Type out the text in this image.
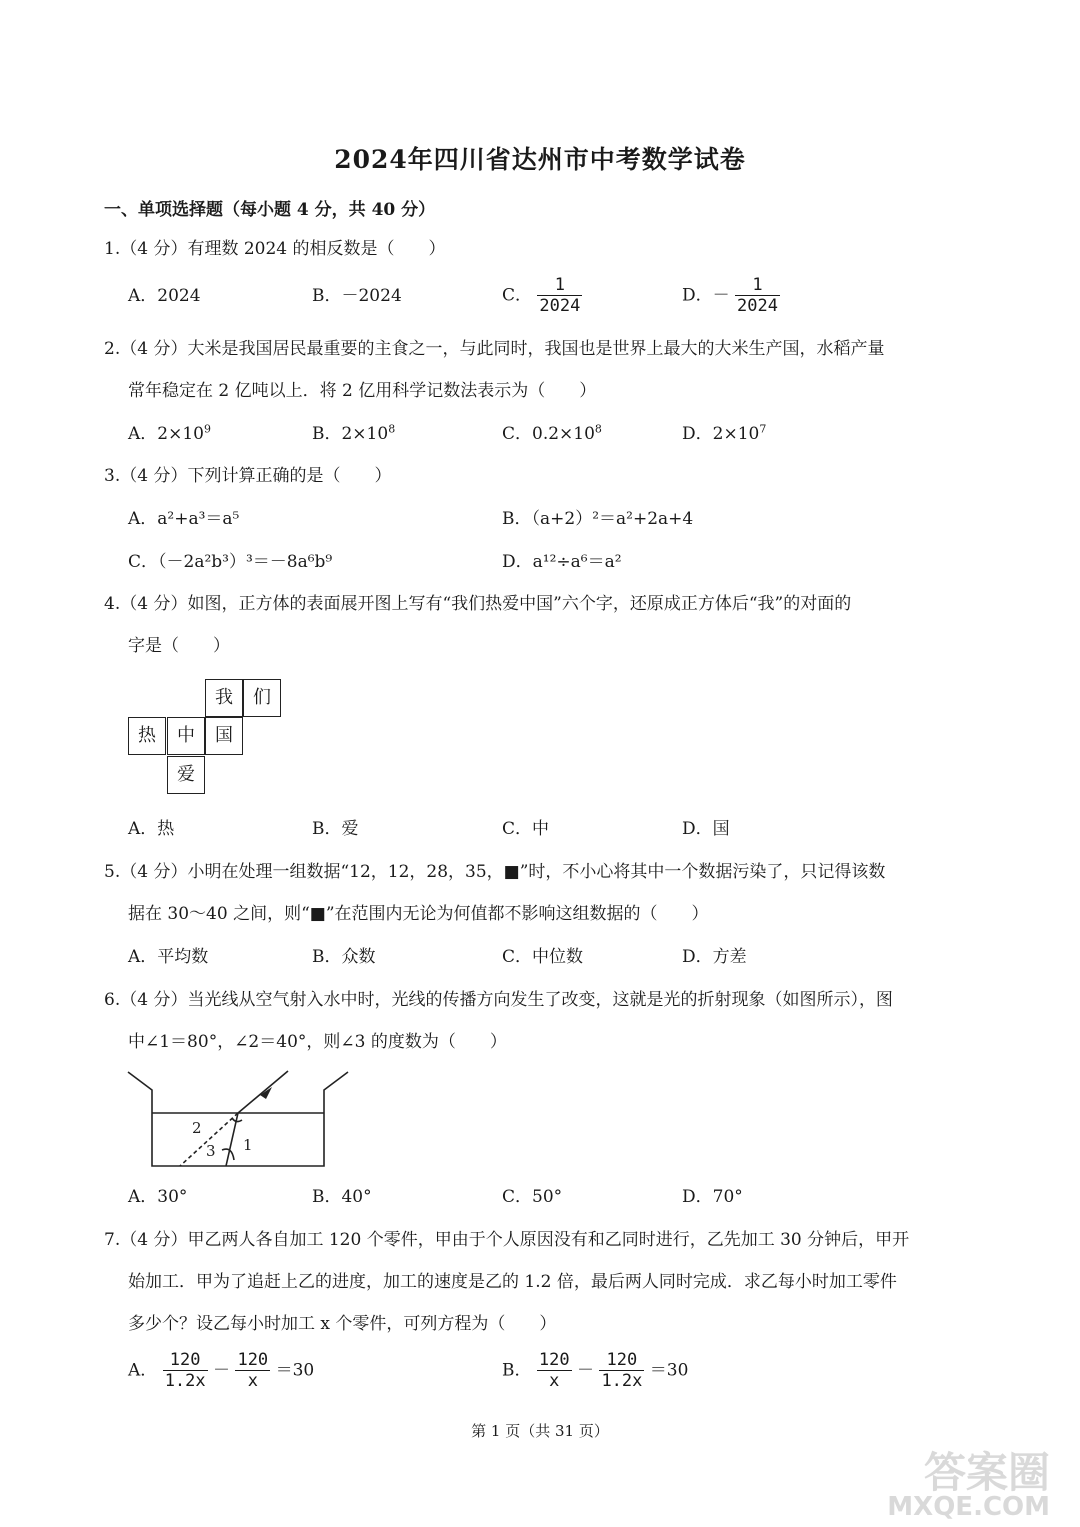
2024年四川省达州市中考数学试卷
一、单项选择题（每小题 4 分，共 40 分）
1.（4 分）有理数 2024 的相反数是（　　）
A．2024	B．－2024	C． $\frac{1}{2024}$	D．－ $\frac{1}{2024}$
2.（4 分）大米是我国居民最重要的主食之一，与此同时，我国也是世界上最大的大米生产国，水稻产量
常年稳定在 2 亿吨以上．将 2 亿用科学记数法表示为（　　）
A．$2\times 10^9$	B．$2\times 10^8$	C．$0.2\times 10^8$	D．$2\times 10^7$
3.（4 分）下列计算正确的是（　　）
A．a²+a³＝a⁵	B．（a+2）²＝a²+2a+4
C．（－2a²b³）³＝－8a⁶b⁹	D．a¹²÷a⁶＝a²
4.（4 分）如图，正方体的表面展开图上写有“我们热爱中国”六个字，还原成正方体后“我”的对面的
字是（　　）
我	们
热	中	国
爱
A．热	B．爱	C．中	D．国
5.（4 分）小明在处理一组数据“12，12，28，35，■”时，不小心将其中一个数据污染了，只记得该数
据在 30～40 之间，则“■”在范围内无论为何值都不影响这组数据的（　　）
A．平均数	B．众数	C．中位数	D．方差
6.（4 分）当光线从空气射入水中时，光线的传播方向发生了改变，这就是光的折射现象（如图所示），图
中∠1＝80°，∠2＝40°，则∠3 的度数为（　　）
2
3 1
A．30°	B．40°	C．50°	D．70°
7.（4 分）甲乙两人各自加工 120 个零件，甲由于个人原因没有和乙同时进行，乙先加工 30 分钟后，甲开
始加工．甲为了追赶上乙的进度，加工的速度是乙的 1.2 倍，最后两人同时完成．求乙每小时加工零件
多少个？设乙每小时加工 x 个零件，可列方程为（　　）
A． $\frac{120}{1.2x} - \frac{120}{x} =30$	B． $\frac{120}{x} - \frac{120}{1.2x} =30$
第 1 页（共 31 页）
答案圈
MXQE.COM
